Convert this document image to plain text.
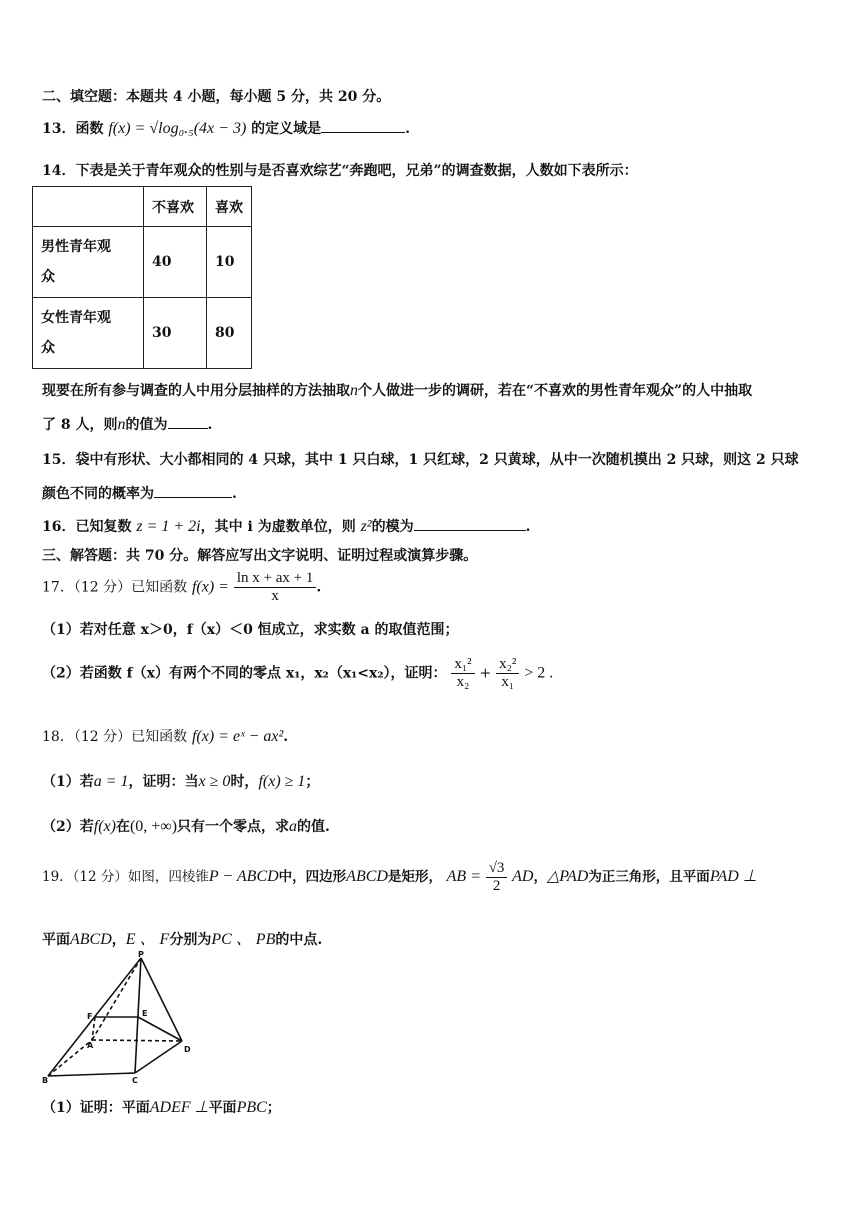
二、填空题：本题共 4 小题，每小题 5 分，共 20 分。
13．函数 f(x) = √log₀.₅(4x − 3) 的定义域是	.
14．下表是关于青年观众的性别与是否喜欢综艺“奔跑吧，兄弟”的调查数据，人数如下表所示：
	不喜欢	喜欢

男性青年观
众	40	10

女性青年观
众	30	80
现要在所有参与调查的人中用分层抽样的方法抽取n个人做进一步的调研，若在“不喜欢的男性青年观众”的人中抽取
了 8 人，则n的值为	.
15．袋中有形状、大小都相同的 4 只球，其中 1 只白球，1 只红球，2 只黄球，从中一次随机摸出 2 只球，则这 2 只球
颜色不同的概率为	.
16．已知复数 z = 1 + 2i，其中 i 为虚数单位，则 z²的模为	.
三、解答题：共 70 分。解答应写出文字说明、证明过程或演算步骤。
17．（12 分）已知函数 $f(x) = \frac{\text{ln x + ax + 1}}{x}$ .
（1）若对任意 x＞0，f（x）＜0 恒成立，求实数 a 的取值范围；
（2）若函数 f（x）有两个不同的零点 x₁，x₂（x₁<x₂），证明： $\frac{\text{x₁²}}{\text{x₂}} + \frac{\text{x₂²}}{\text{x₁}} > 2$ .
18．（12 分）已知函数 f(x) = eˣ − ax².
（1）若a = 1，证明：当x ≥ 0时，f(x) ≥ 1；
（2）若f(x)在(0, +∞)只有一个零点，求a的值.
19．（12 分）如图，四棱锥P − ABCD中，四边形ABCD是矩形， AB = $\frac{√3}{2}$ AD，△PAD为正三角形，且平面PAD ⊥
平面ABCD，E 、 F分别为PC 、 PB的中点.
P
F	E
A	D
B	C
（1）证明：平面ADEF ⊥平面PBC；
